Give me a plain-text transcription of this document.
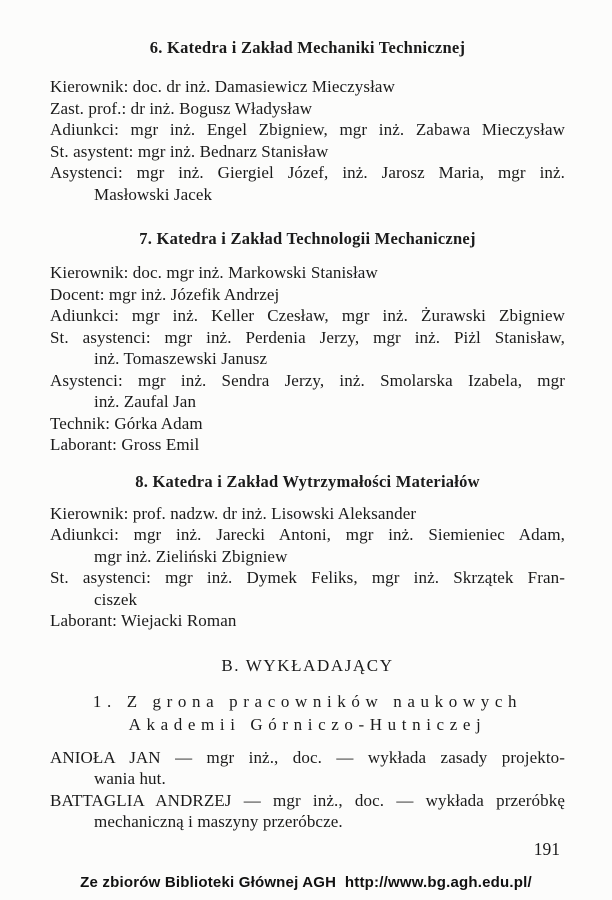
6. Katedra i Zakład Mechaniki Technicznej
Kierownik: doc. dr inż. Damasiewicz Mieczysław
Zast. prof.: dr inż. Bogusz Władysław
Adiunkci: mgr inż. Engel Zbigniew, mgr inż. Zabawa Mieczysław
St. asystent: mgr inż. Bednarz Stanisław
Asystenci: mgr inż. Giergiel Józef, inż. Jarosz Maria, mgr inż.
Masłowski Jacek
7. Katedra i Zakład Technologii Mechanicznej
Kierownik: doc. mgr inż. Markowski Stanisław
Docent: mgr inż. Józefik Andrzej
Adiunkci: mgr inż. Keller Czesław, mgr inż. Żurawski Zbigniew
St. asystenci: mgr inż. Perdenia Jerzy, mgr inż. Piżl Stanisław,
inż. Tomaszewski Janusz
Asystenci: mgr inż. Sendra Jerzy, inż. Smolarska Izabela, mgr
inż. Zaufal Jan
Technik: Górka Adam
Laborant: Gross Emil
8. Katedra i Zakład Wytrzymałości Materiałów
Kierownik: prof. nadzw. dr inż. Lisowski Aleksander
Adiunkci: mgr inż. Jarecki Antoni, mgr inż. Siemieniec Adam,
mgr inż. Zieliński Zbigniew
St. asystenci: mgr inż. Dymek Feliks, mgr inż. Skrzątek Fran-
ciszek
Laborant: Wiejacki Roman
B. WYKŁADAJĄCY
1. Z grona pracowników naukowych
Akademii Górniczo-Hutniczej
ANIOŁA JAN — mgr inż., doc. — wykłada zasady projekto-
wania hut.
BATTAGLIA ANDRZEJ — mgr inż., doc. — wykłada przeróbkę
mechaniczną i maszyny przeróbcze.
191
Ze zbiorów Biblioteki Głównej AGH  http://www.bg.agh.edu.pl/
